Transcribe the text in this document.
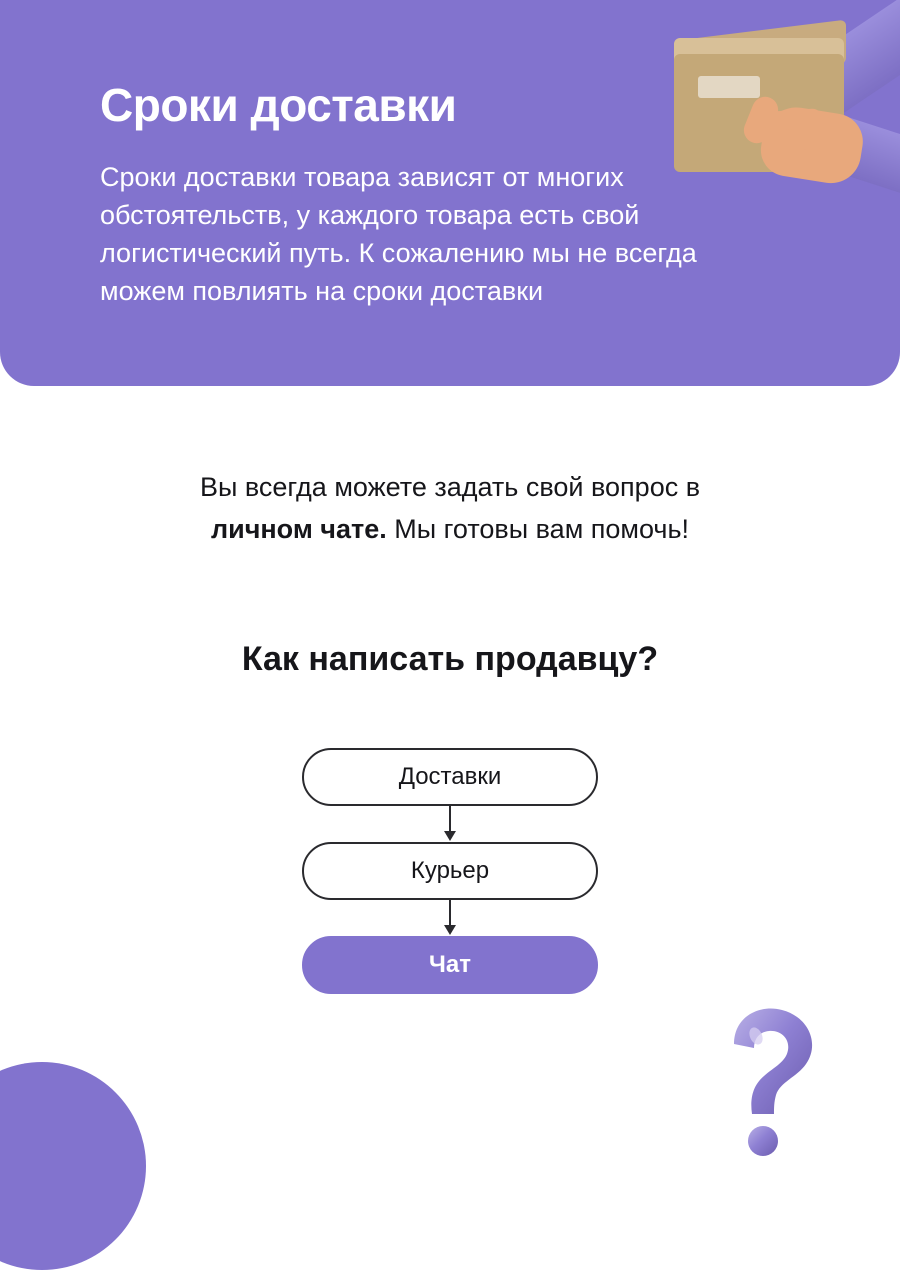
Сроки доставки
Сроки доставки товара зависят от многих обстоятельств, у каждого товара есть свой логистический путь. К сожалению мы не всегда можем повлиять на сроки доставки
Вы всегда можете задать свой вопрос в
личном чате. Мы готовы вам помочь!
Как написать продавцу?
Доставки
Курьер
Чат
